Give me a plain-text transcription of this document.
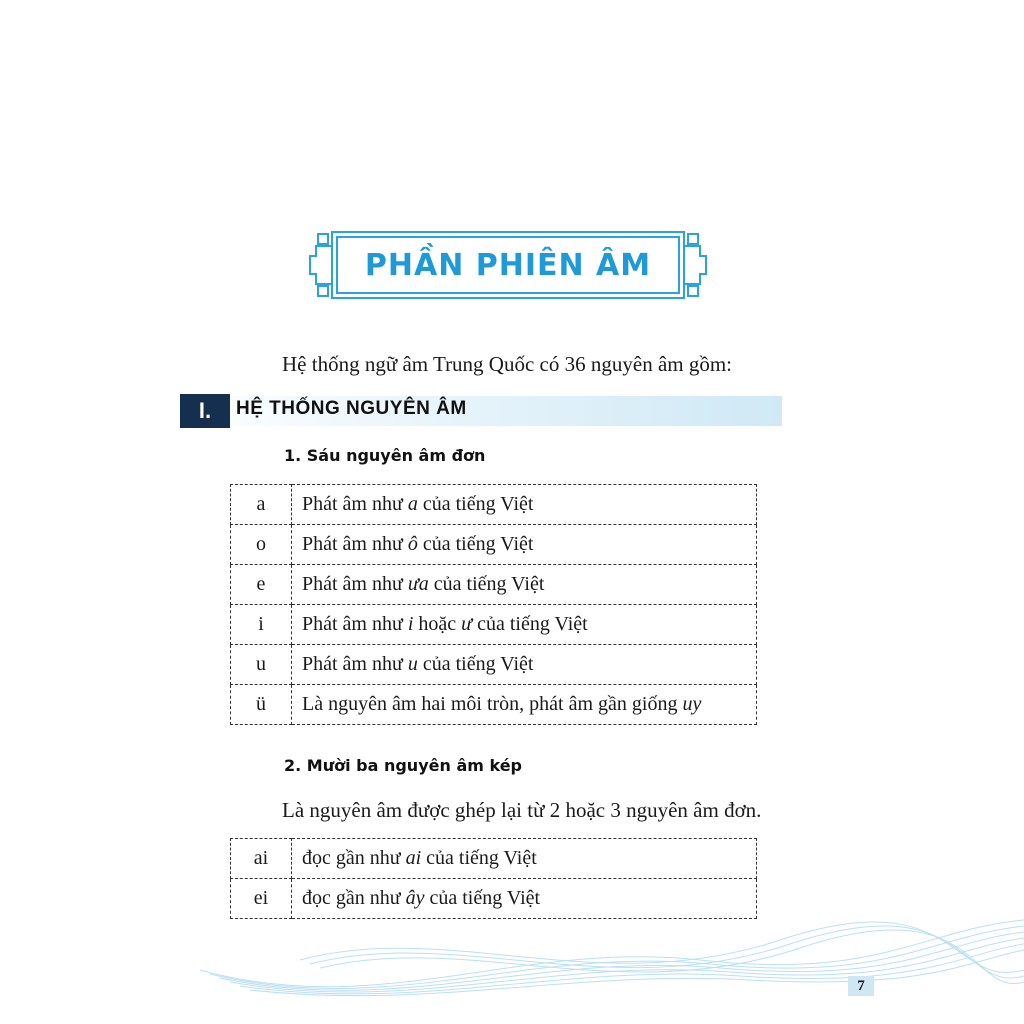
PHẦN PHIÊN ÂM
Hệ thống ngữ âm Trung Quốc có 36 nguyên âm gồm:
I.	HỆ THỐNG NGUYÊN ÂM
1. Sáu nguyên âm đơn
a	Phát âm như a của tiếng Việt
o	Phát âm như ô của tiếng Việt
e	Phát âm như ưa của tiếng Việt
i	Phát âm như i hoặc ư của tiếng Việt
u	Phát âm như u của tiếng Việt
ü	Là nguyên âm hai môi tròn, phát âm gần giống uy
2. Mười ba nguyên âm kép
Là nguyên âm được ghép lại từ 2 hoặc 3 nguyên âm đơn.
ai	đọc gần như ai của tiếng Việt
ei	đọc gần như ây của tiếng Việt
7
